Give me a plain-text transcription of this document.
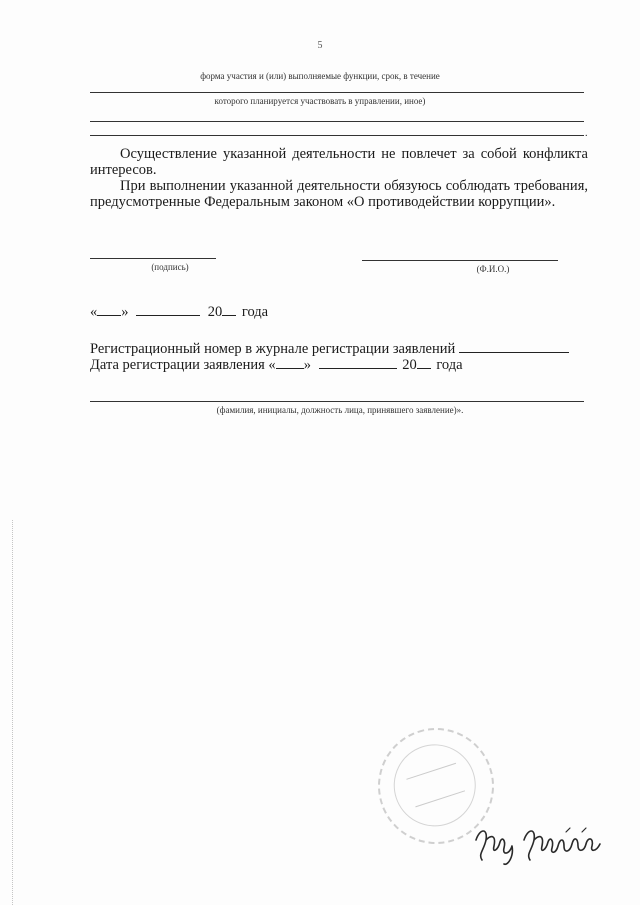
5
форма участия и (или) выполняемые функции, срок, в течение
которого планируется участвовать в управлении, иное)
.
Осуществление указанной деятельности не повлечет за собой конфликта интересов.
При выполнении указанной деятельности обязуюсь соблюдать требования, предусмотренные Федеральным законом «О противодействии коррупции».
(подпись)	(Ф.И.О.)
« »	20 года
Регистрационный номер в журнале регистрации заявлений
Дата регистрации заявления « »	20 года
(фамилия, инициалы, должность лица, принявшего заявление)».
